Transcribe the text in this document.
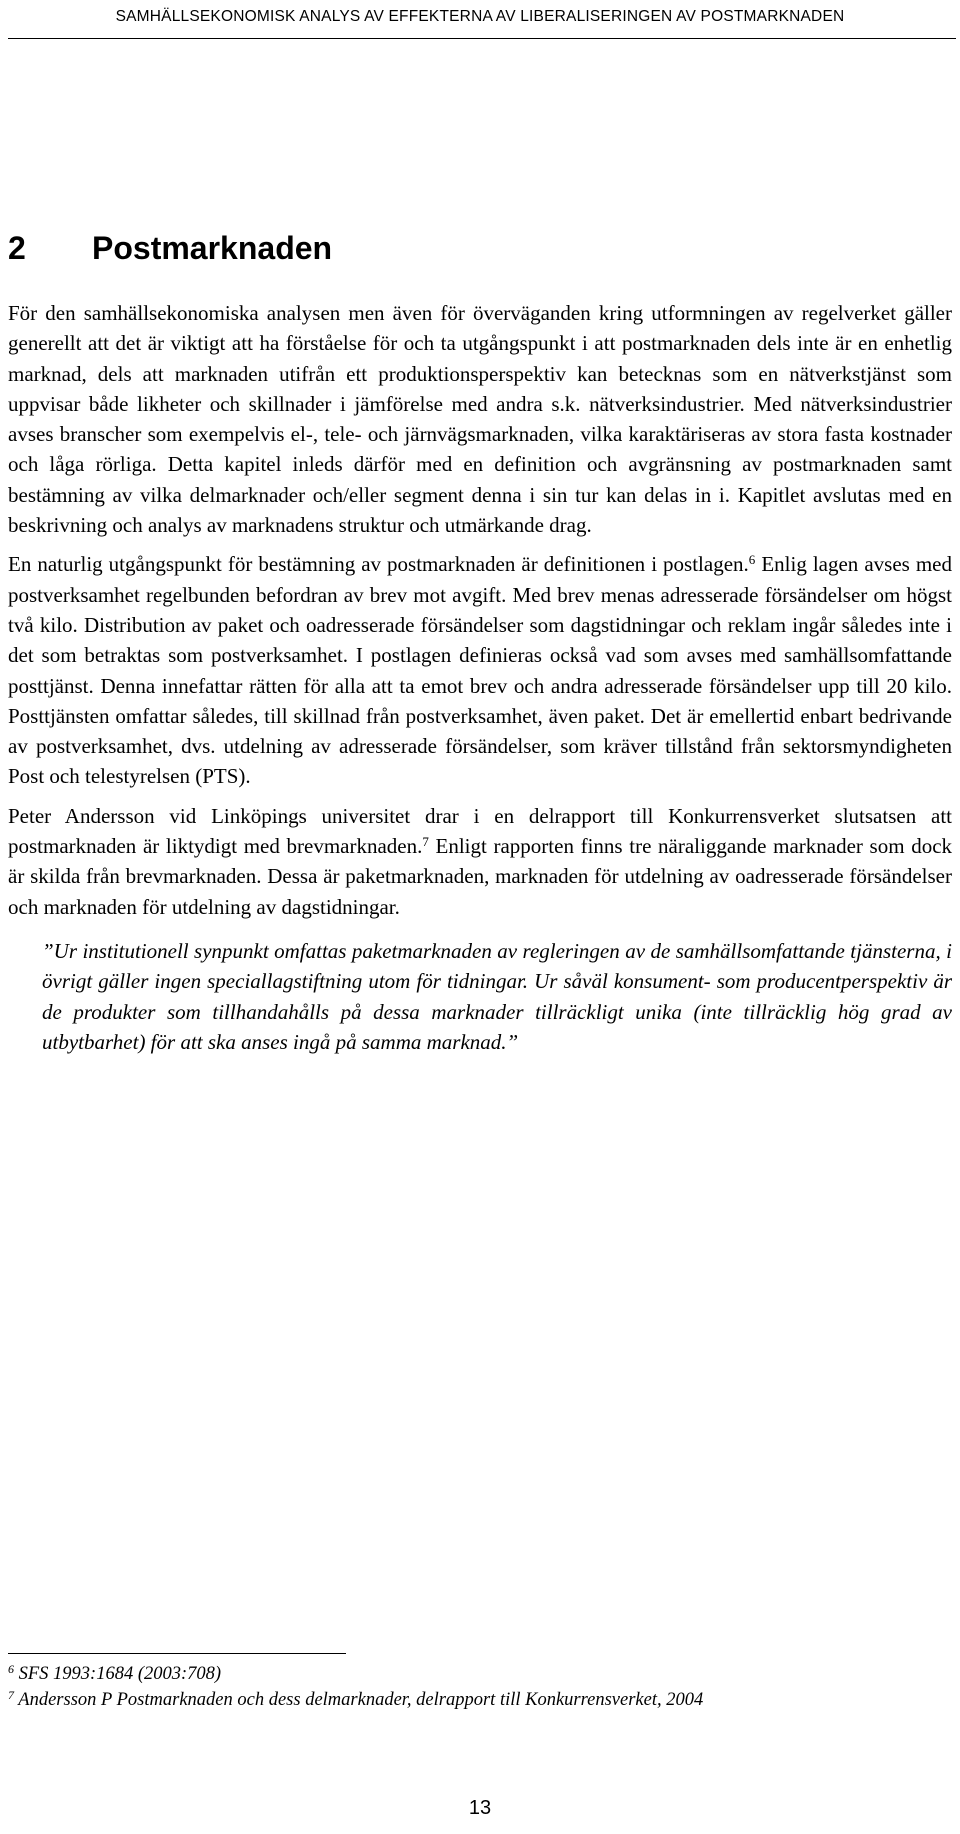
SAMHÄLLSEKONOMISK ANALYS AV EFFEKTERNA AV LIBERALISERINGEN AV POSTMARKNADEN
2 Postmarknaden

För den samhällsekonomiska analysen men även för överväganden kring utformningen av regelverket gäller generellt att det är viktigt att ha förståelse för och ta utgångspunkt i att postmarknaden dels inte är en enhetlig marknad, dels att marknaden utifrån ett produktionsperspektiv kan betecknas som en nätverkstjänst som uppvisar både likheter och skillnader i jämförelse med andra s.k. nätverksindustrier. Med nätverksindustrier avses branscher som exempelvis el-, tele- och järnvägsmarknaden, vilka karaktäriseras av stora fasta kostnader och låga rörliga. Detta kapitel inleds därför med en definition och avgränsning av postmarknaden samt bestämning av vilka delmarknader och/eller segment denna i sin tur kan delas in i. Kapitlet avslutas med en beskrivning och analys av marknadens struktur och utmärkande drag.

En naturlig utgångspunkt för bestämning av postmarknaden är definitionen i postlagen.$^6$ Enlig lagen avses med postverksamhet regelbunden befordran av brev mot avgift. Med brev menas adresserade försändelser om högst två kilo. Distribution av paket och oadresserade försändelser som dagstidningar och reklam ingår således inte i det som betraktas som postverksamhet. I postlagen definieras också vad som avses med samhällsomfattande posttjänst. Denna innefattar rätten för alla att ta emot brev och andra adresserade försändelser upp till 20 kilo. Posttjänsten omfattar således, till skillnad från postverksamhet, även paket. Det är emellertid enbart bedrivande av postverksamhet, dvs. utdelning av adresserade försändelser, som kräver tillstånd från sektorsmyndigheten Post och telestyrelsen (PTS).

Peter Andersson vid Linköpings universitet drar i en delrapport till Konkurrensverket slutsatsen att postmarknaden är liktydigt med brevmarknaden.$^7$ Enligt rapporten finns tre näraliggande marknader som dock är skilda från brevmarknaden. Dessa är paketmarknaden, marknaden för utdelning av oadresserade försändelser och marknaden för utdelning av dagstidningar.

”Ur institutionell synpunkt omfattas paketmarknaden av regleringen av de samhällsomfattande tjänsterna, i övrigt gäller ingen speciallagstiftning utom för tidningar. Ur såväl konsument- som producentperspektiv är de produkter som tillhandahålls på dessa marknader tillräckligt unika (inte tillräcklig hög grad av utbytbarhet) för att ska anses ingå på samma marknad.”

$^6$ SFS 1993:1684 (2003:708)
$^7$ Andersson P Postmarknaden och dess delmarknader, delrapport till Konkurrensverket, 2004
13
